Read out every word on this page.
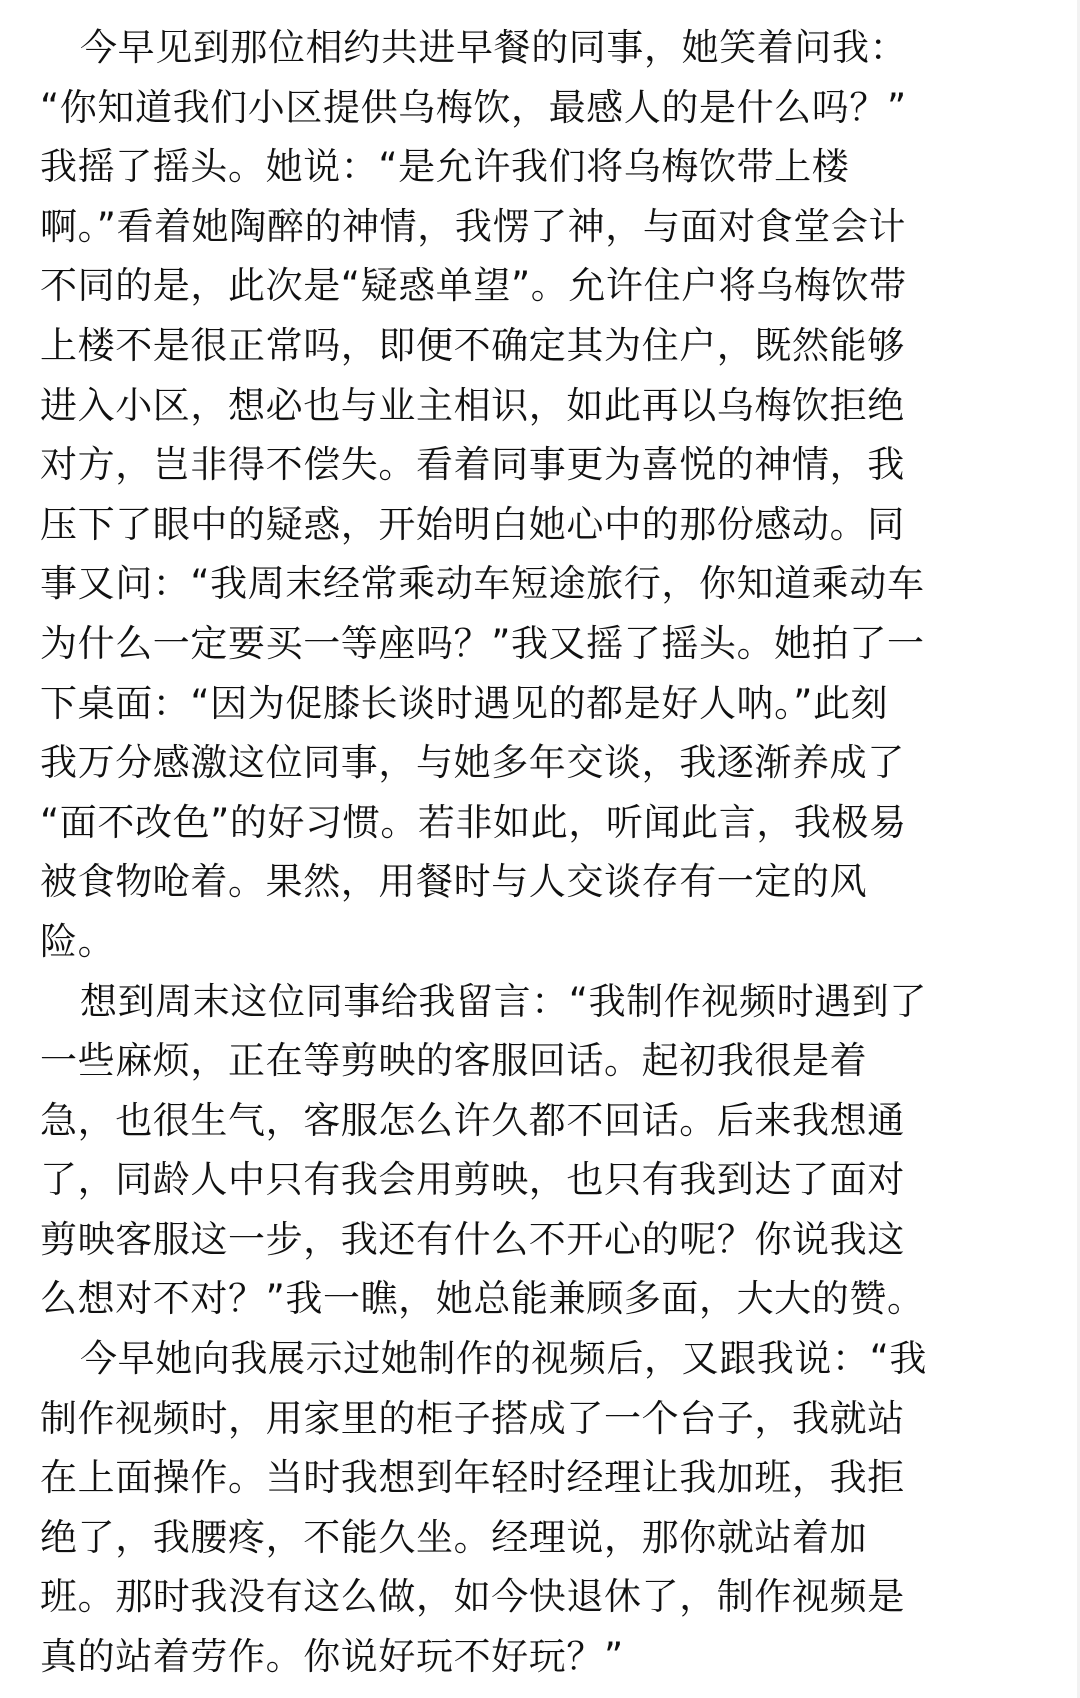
今早见到那位相约共进早餐的同事，她笑着问我：
“你知道我们小区提供乌梅饮，最感人的是什么吗？”
我摇了摇头。她说：“是允许我们将乌梅饮带上楼
啊。”看着她陶醉的神情，我愣了神，与面对食堂会计
不同的是，此次是“疑惑单望”。允许住户将乌梅饮带
上楼不是很正常吗，即便不确定其为住户，既然能够
进入小区，想必也与业主相识，如此再以乌梅饮拒绝
对方，岂非得不偿失。看着同事更为喜悦的神情，我
压下了眼中的疑惑，开始明白她心中的那份感动。同
事又问：“我周末经常乘动车短途旅行，你知道乘动车
为什么一定要买一等座吗？”我又摇了摇头。她拍了一
下桌面：“因为促膝长谈时遇见的都是好人呐。”此刻
我万分感激这位同事，与她多年交谈，我逐渐养成了
“面不改色”的好习惯。若非如此，听闻此言，我极易
被食物呛着。果然，用餐时与人交谈存有一定的风
险。
想到周末这位同事给我留言：“我制作视频时遇到了
一些麻烦，正在等剪映的客服回话。起初我很是着
急，也很生气，客服怎么许久都不回话。后来我想通
了，同龄人中只有我会用剪映，也只有我到达了面对
剪映客服这一步，我还有什么不开心的呢？你说我这
么想对不对？”我一瞧，她总能兼顾多面，大大的赞。
今早她向我展示过她制作的视频后，又跟我说：“我
制作视频时，用家里的柜子搭成了一个台子，我就站
在上面操作。当时我想到年轻时经理让我加班，我拒
绝了，我腰疼，不能久坐。经理说，那你就站着加
班。那时我没有这么做，如今快退休了，制作视频是
真的站着劳作。你说好玩不好玩？”
